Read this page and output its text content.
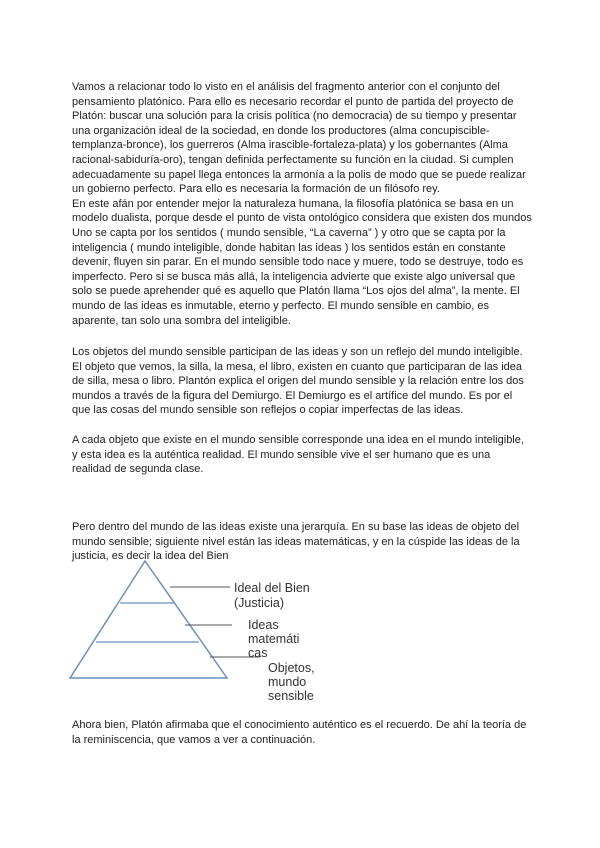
Vamos a relacionar todo lo visto en el análisis del fragmento anterior con el conjunto del pensamiento platónico. Para ello es necesario recordar el punto de partida del proyecto de Platón: buscar una solución para la crisis política (no democracia) de su tiempo y presentar una organización ideal de la sociedad, en donde los productores (alma concupiscible-templanza-bronce), los guerreros (Alma irascible-fortaleza-plata) y los gobernantes (Alma racional-sabiduría-oro), tengan definida perfectamente su función en la ciudad. Si cumplen adecuadamente su papel llega entonces la armonía a la polis de modo que se puede realizar un gobierno perfecto. Para ello es necesaria la formación de un filósofo rey.

En este afán por entender mejor la naturaleza humana, la filosofía platónica se basa en un modelo dualista, porque desde el punto de vista ontológico considera que existen dos mundos

Uno se capta por los sentidos ( mundo sensible, “La caverna” ) y otro que se capta por la inteligencia ( mundo inteligible, donde habitan las ideas ) los sentidos están en constante devenir, fluyen sin parar. En el mundo sensible todo nace y muere, todo se destruye, todo es imperfecto. Pero si se busca más allá, la inteligencia advierte que existe algo universal que solo se puede aprehender qué es aquello que Platón llama “Los ojos del alma”, la mente. El mundo de las ideas es inmutable, eterno y perfecto. El mundo sensible en cambio, es aparente, tan solo una sombra del inteligible.

Los objetos del mundo sensible participan de las ideas y son un reflejo del mundo inteligible. El objeto que vemos, la silla, la mesa, el libro, existen en cuanto que participaran de las idea de silla, mesa o libro. Plantón explica el origen del mundo sensible y la relación entre los dos mundos a través de la figura del Demiurgo. El Demiurgo es el artífice del mundo. Es por el que las cosas del mundo sensible son reflejos o copiar imperfectas de las ideas.

A cada objeto que existe en el mundo sensible corresponde una idea en el mundo inteligible, y esta idea es la auténtica realidad. El mundo sensible vive el ser humano que es una realidad de segunda clase.

Pero dentro del mundo de las ideas existe una jerarquía. En su base las ideas de objeto del mundo sensible; siguiente nivel están las ideas matemáticas, y en la cúspide las ideas de la justicia, es decir la idea del Bien

Ideal del Bien
(Justicia)
Ideas
matemáti
cas
Objetos,
mundo
sensible

Ahora bien, Platón afirmaba que el conocimiento auténtico es el recuerdo. De ahí la teoría de la reminiscencia, que vamos a ver a continuación.
